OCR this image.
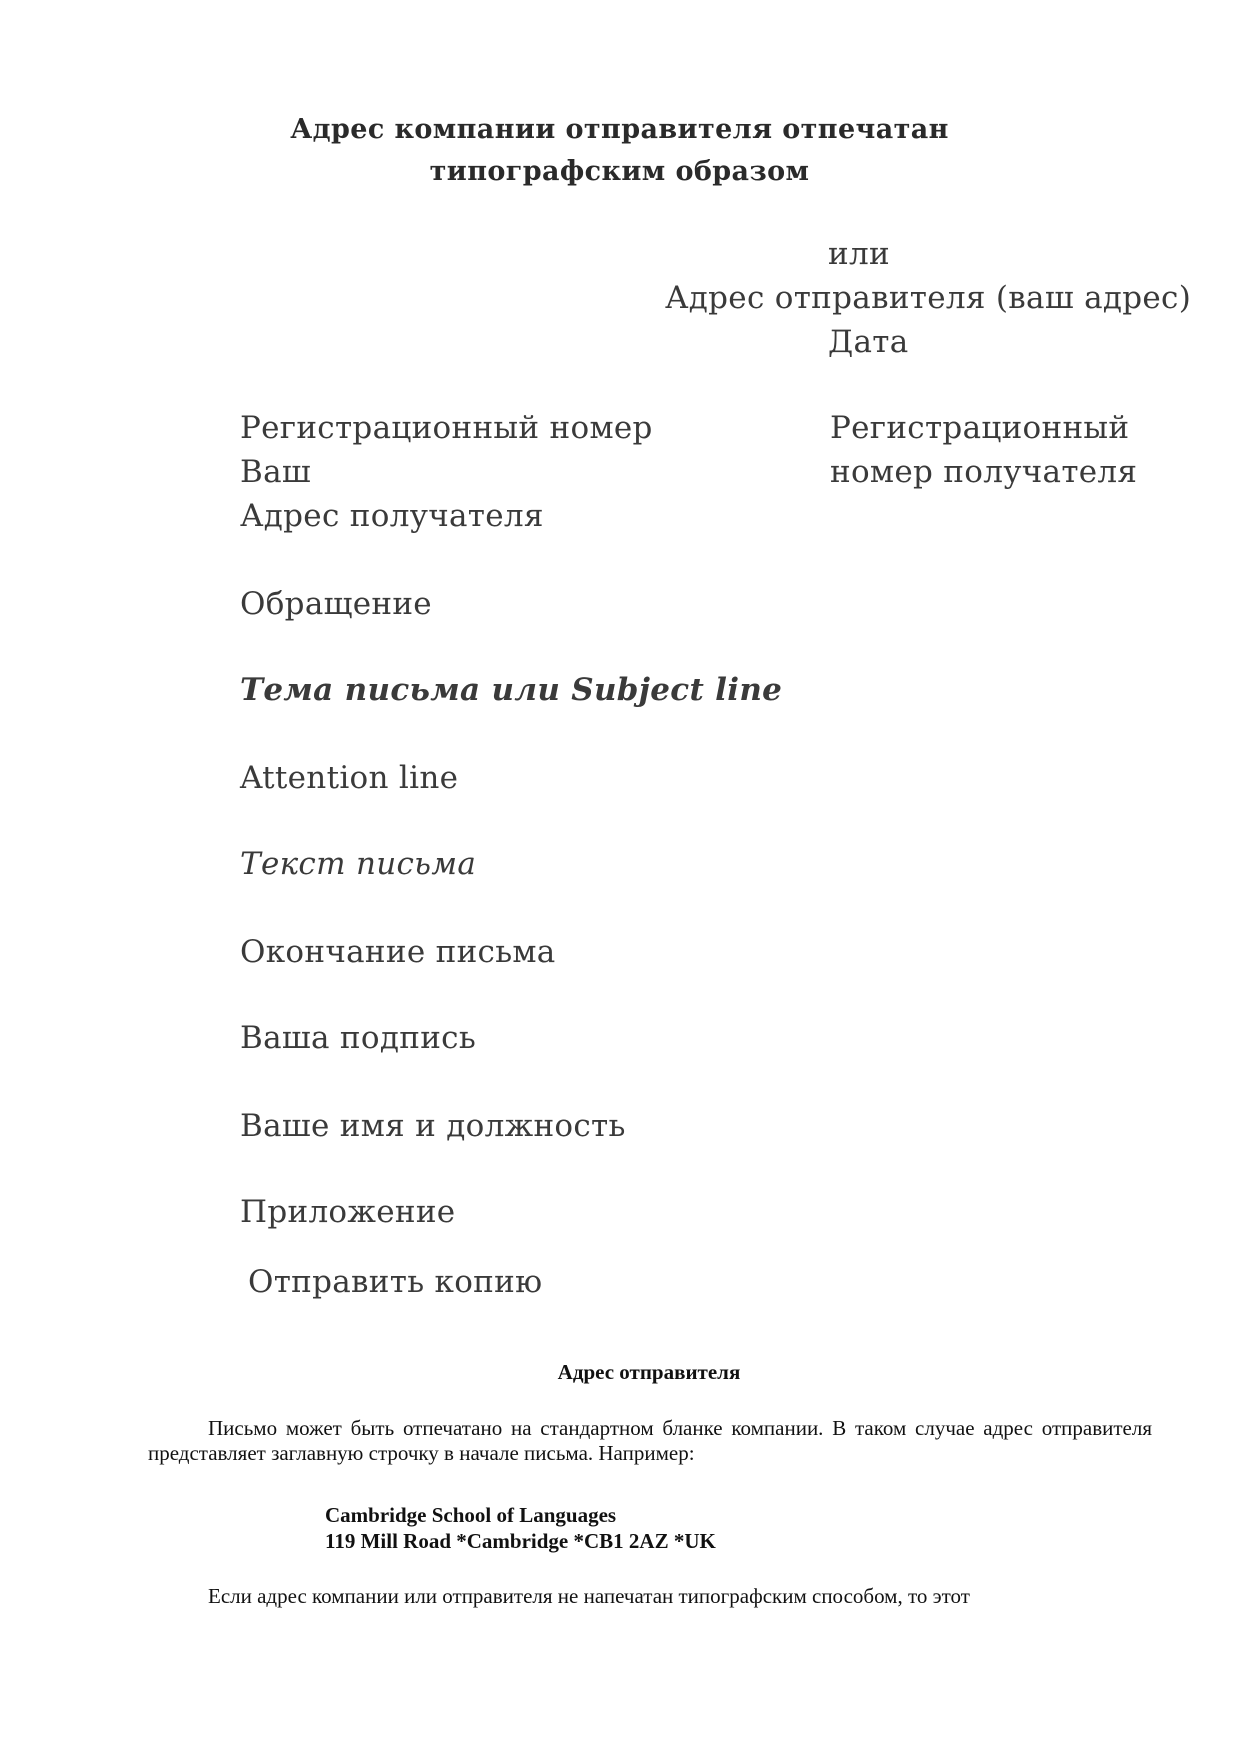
Адрес компании отправителя отпечатан
типографским образом
или
Адрес отправителя (ваш адрес)
Дата
Регистрационный номер
Ваш
Регистрационный
номер получателя
Адрес получателя
Обращение
Тема письма или Subject line
Attention line
Текст письма
Окончание письма
Ваша подпись
Ваше имя и должность
Приложение
Отправить копию
Адрес отправителя

Письмо может быть отпечатано на стандартном бланке компании. В таком случае адрес отправителя представляет заглавную строчку в начале письма. Например:

Cambridge School of Languages
119 Mill Road *Cambridge *CB1 2AZ *UK

Если адрес компании или отправителя не напечатан типографским способом, то этот
